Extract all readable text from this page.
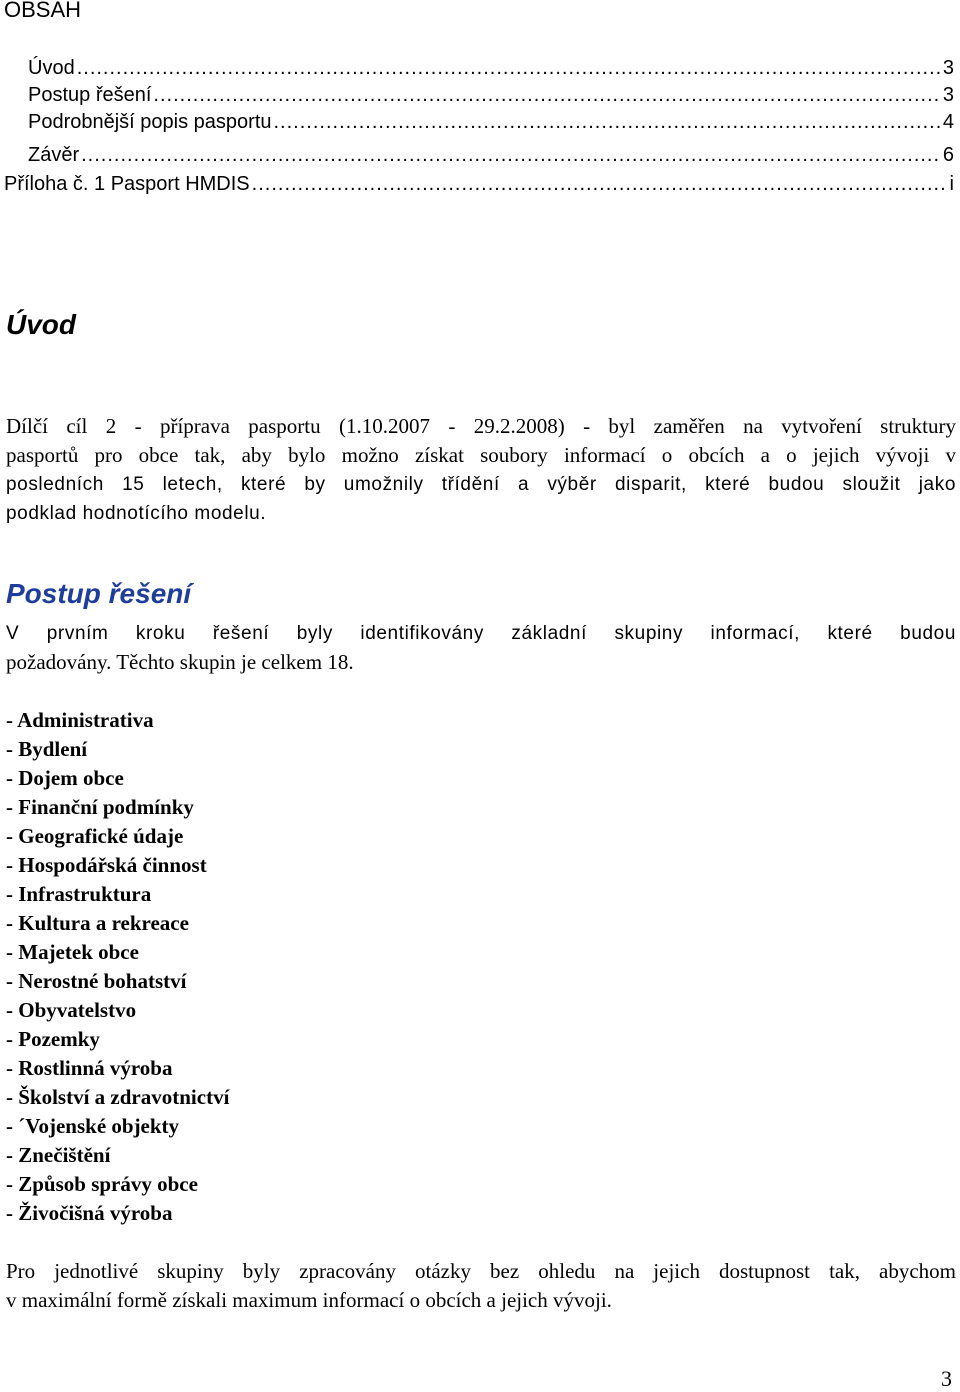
OBSAH
Úvod .....	3
Postup řešení .....	3
Podrobnější popis pasportu .....	4
Závěr .....	6
Příloha č. 1 Pasport HMDIS .....	i
Úvod
Dílčí cíl 2 - příprava pasportu (1.10.2007 - 29.2.2008) - byl zaměřen na vytvoření struktury
pasportů pro obce tak, aby bylo možno získat soubory informací o obcích a o jejich vývoji v
posledních 15 letech, které by umožnily třídění a výběr disparit, které budou sloužit jako
podklad hodnotícího modelu.
Postup řešení
V prvním kroku řešení byly identifikovány základní skupiny informací, které budou
požadovány. Těchto skupin je celkem 18.
- Administrativa
- Bydlení
- Dojem obce
- Finanční podmínky
- Geografické údaje
- Hospodářská činnost
- Infrastruktura
- Kultura a rekreace
- Majetek obce
- Nerostné bohatství
- Obyvatelstvo
- Pozemky
- Rostlinná výroba
- Školství a zdravotnictví
- ´Vojenské objekty
- Znečištění
- Způsob správy obce
- Živočišná výroba
Pro jednotlivé skupiny byly zpracovány otázky bez ohledu na jejich dostupnost tak, abychom
v maximální formě získali maximum informací o obcích a jejich vývoji.
3
